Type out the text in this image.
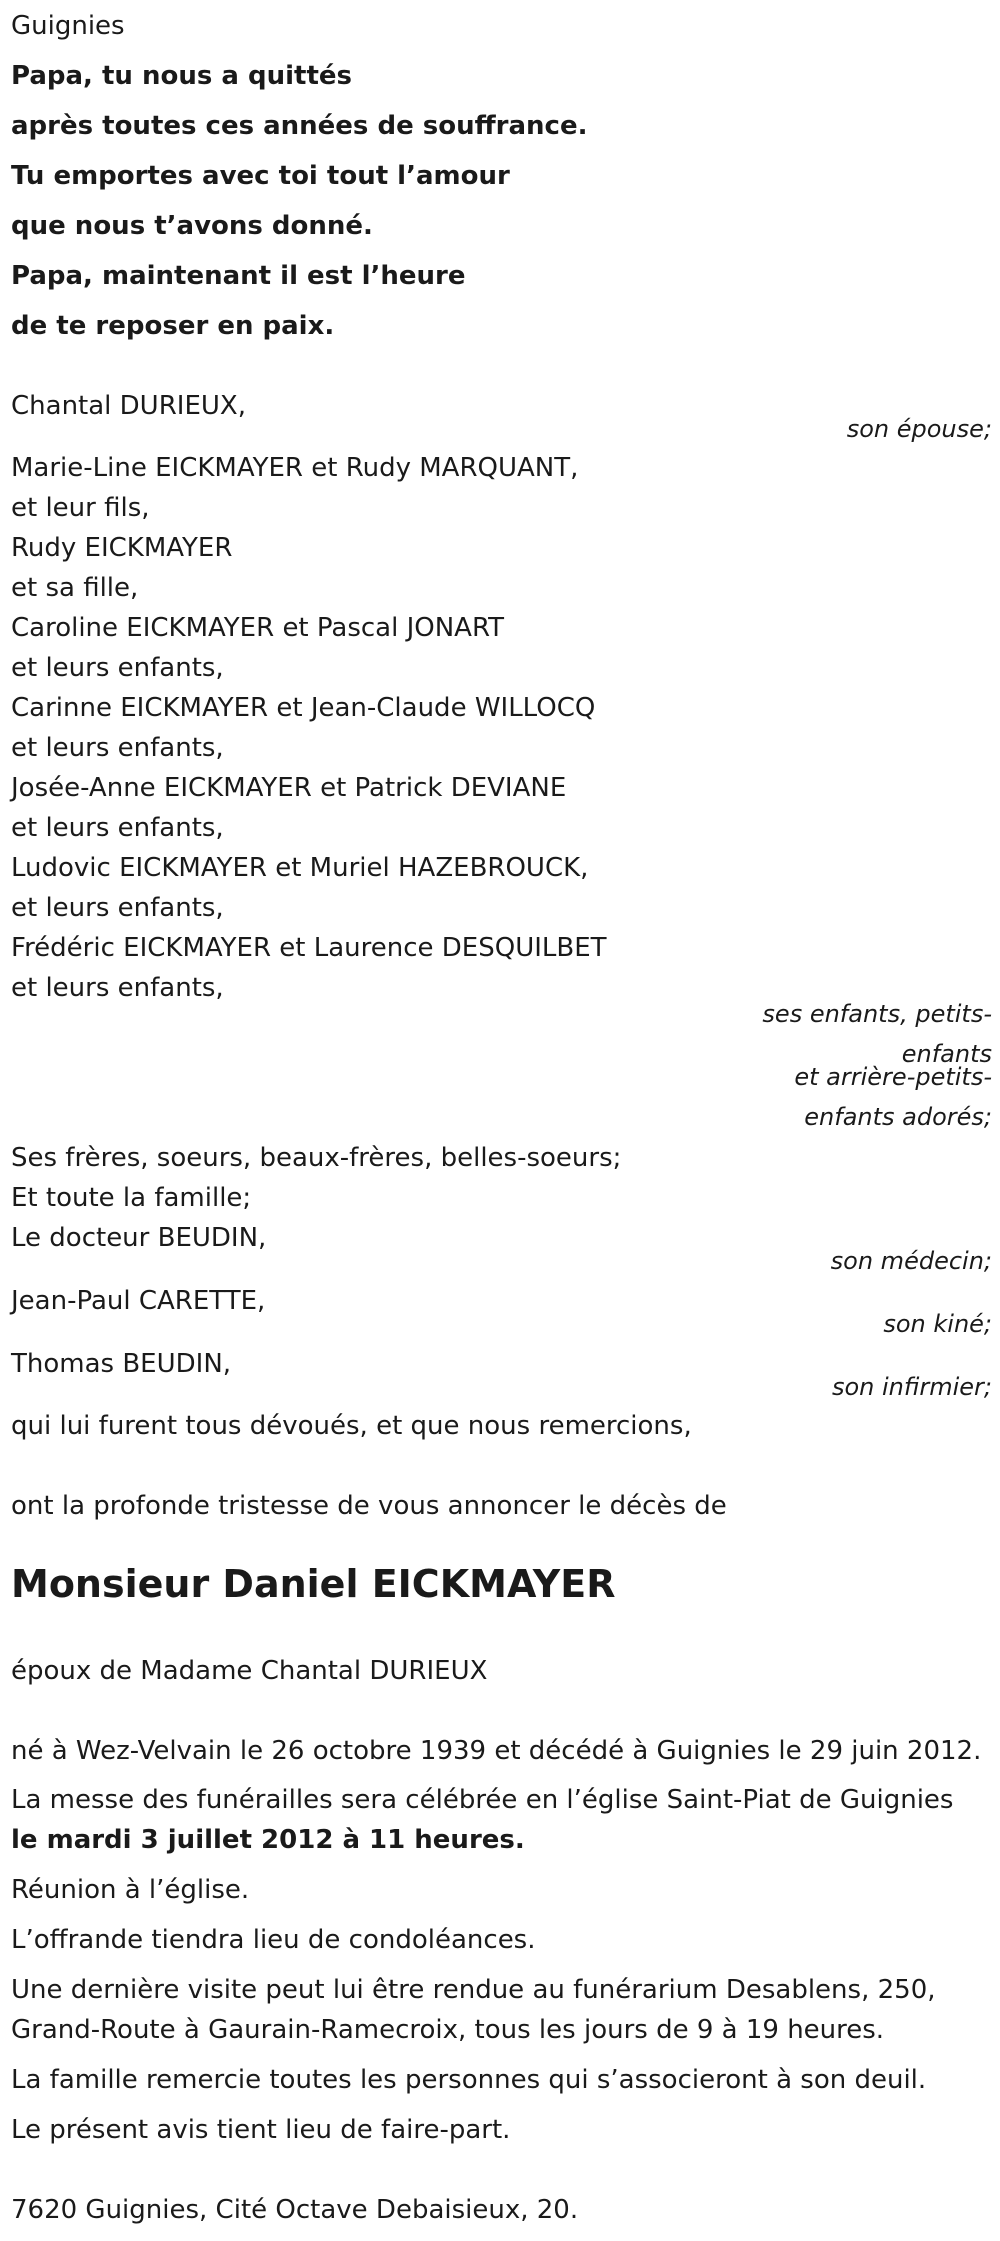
Guignies

Papa, tu nous a quittés

après toutes ces années de souffrance.

Tu emportes avec toi tout l’amour

que nous t’avons donné.

Papa, maintenant il est l’heure

de te reposer en paix.

Chantal DURIEUX,

son épouse;

Marie-Line EICKMAYER et Rudy MARQUANT,

et leur fils,

Rudy EICKMAYER

et sa fille,

Caroline EICKMAYER et Pascal JONART

et leurs enfants,

Carinne EICKMAYER et Jean-Claude WILLOCQ

et leurs enfants,

Josée-Anne EICKMAYER et Patrick DEVIANE

et leurs enfants,

Ludovic EICKMAYER et Muriel HAZEBROUCK,

et leurs enfants,

Frédéric EICKMAYER et Laurence DESQUILBET

et leurs enfants,

ses enfants, petits-

enfants

et arrière-petits-

enfants adorés;

Ses frères, soeurs, beaux-frères, belles-soeurs;

Et toute la famille;

Le docteur BEUDIN,

son médecin;

Jean-Paul CARETTE,

son kiné;

Thomas BEUDIN,

son infirmier;

qui lui furent tous dévoués, et que nous remercions,

ont la profonde tristesse de vous annoncer le décès de

Monsieur Daniel EICKMAYER

époux de Madame Chantal DURIEUX

né à Wez-Velvain le 26 octobre 1939 et décédé à Guignies le 29 juin 2012.

La messe des funérailles sera célébrée en l’église Saint-Piat de Guignies

le mardi 3 juillet 2012 à 11 heures.

Réunion à l’église.

L’offrande tiendra lieu de condoléances.

Une dernière visite peut lui être rendue au funérarium Desablens, 250,

Grand-Route à Gaurain-Ramecroix, tous les jours de 9 à 19 heures.

La famille remercie toutes les personnes qui s’associeront à son deuil.

Le présent avis tient lieu de faire-part.

7620 Guignies, Cité Octave Debaisieux, 20.
